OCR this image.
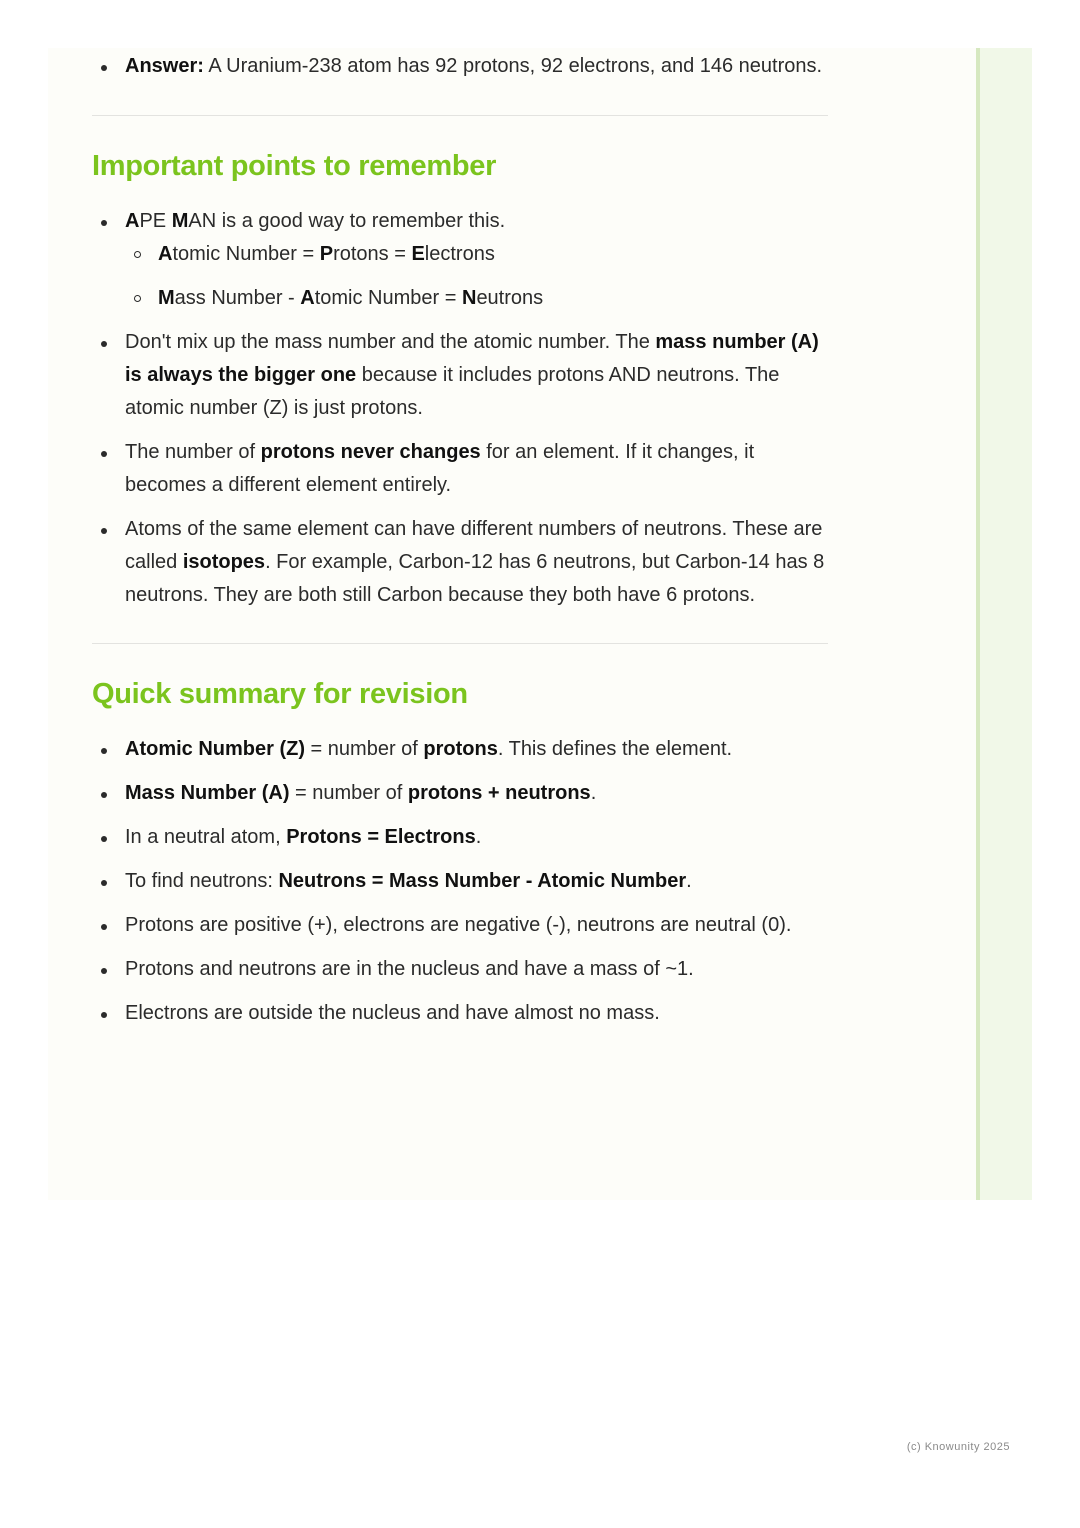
Answer: A Uranium-238 atom has 92 protons, 92 electrons, and 146 neutrons.
Important points to remember
APE MAN is a good way to remember this.
Atomic Number = Protons = Electrons
Mass Number - Atomic Number = Neutrons
Don't mix up the mass number and the atomic number. The mass number (A) is always the bigger one because it includes protons AND neutrons. The atomic number (Z) is just protons.
The number of protons never changes for an element. If it changes, it becomes a different element entirely.
Atoms of the same element can have different numbers of neutrons. These are called isotopes. For example, Carbon-12 has 6 neutrons, but Carbon-14 has 8 neutrons. They are both still Carbon because they both have 6 protons.
Quick summary for revision
Atomic Number (Z) = number of protons. This defines the element.
Mass Number (A) = number of protons + neutrons.
In a neutral atom, Protons = Electrons.
To find neutrons: Neutrons = Mass Number - Atomic Number.
Protons are positive (+), electrons are negative (-), neutrons are neutral (0).
Protons and neutrons are in the nucleus and have a mass of ~1.
Electrons are outside the nucleus and have almost no mass.
(c) Knowunity 2025
